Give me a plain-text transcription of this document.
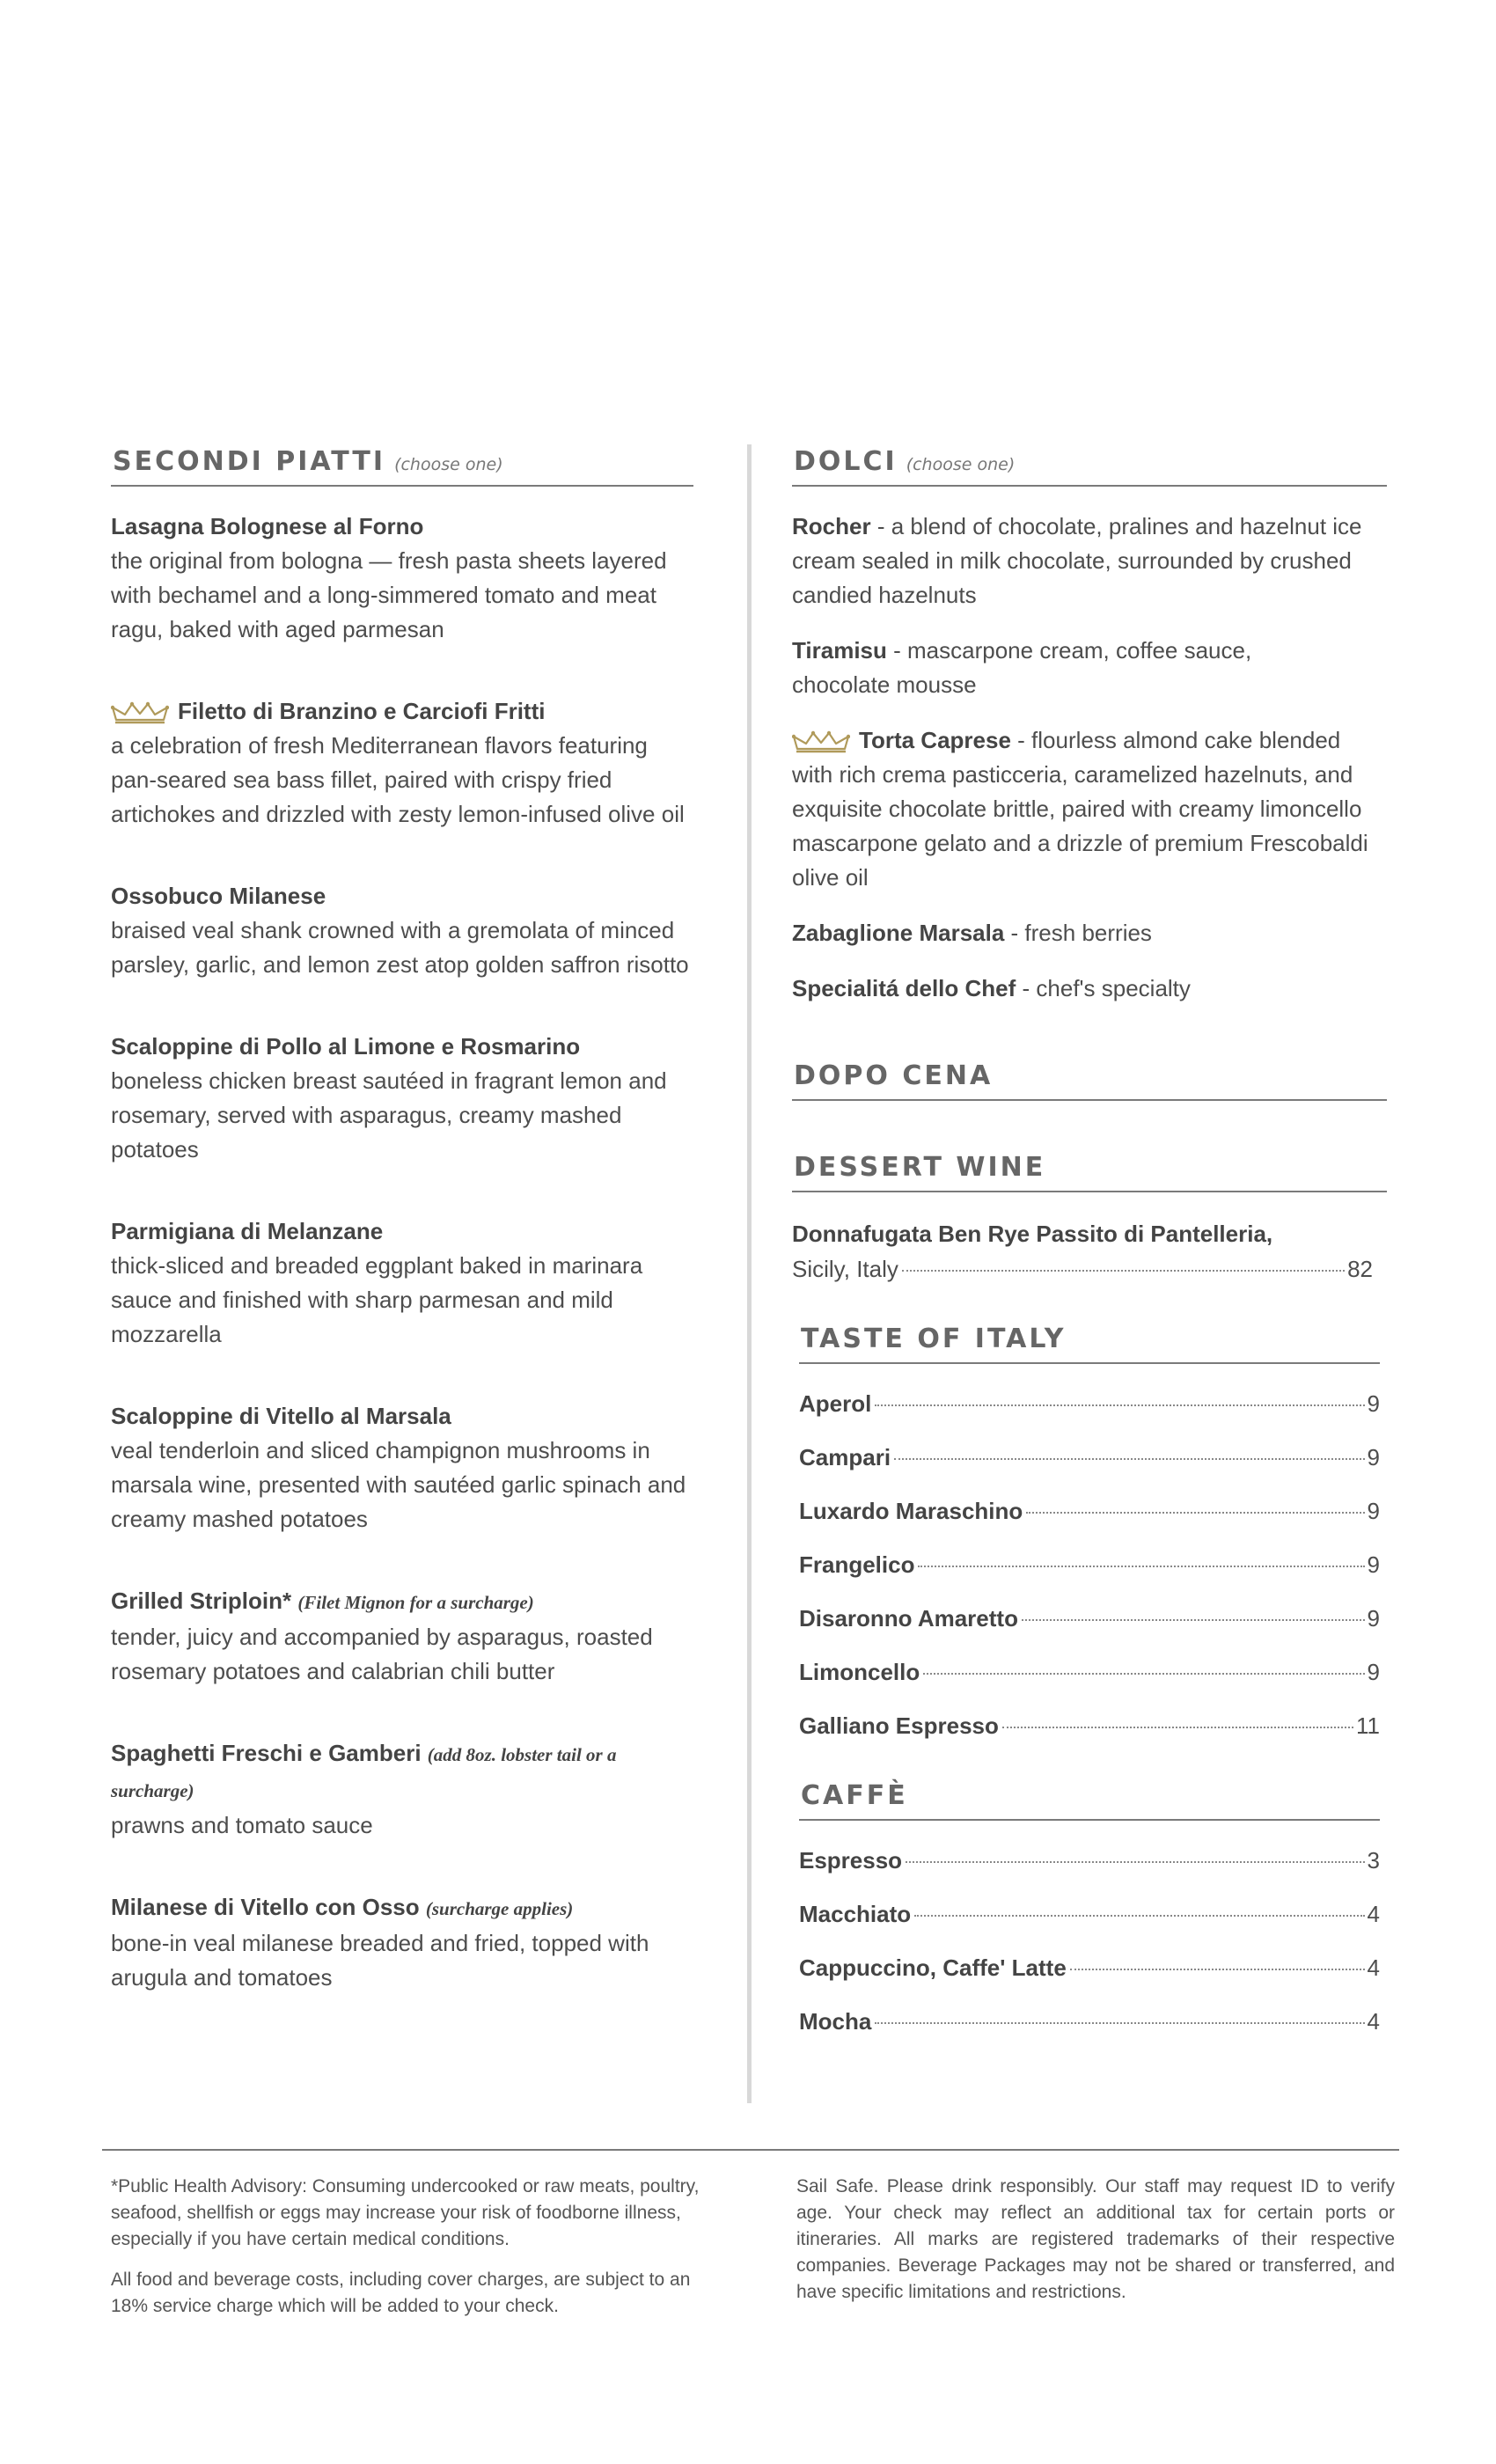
SECONDI PIATTI (choose one)
Lasagna Bolognese al Forno
the original from bologna — fresh pasta sheets layered with bechamel and a long-simmered tomato and meat ragu, baked with aged parmesan
Filetto di Branzino e Carciofi Fritti
a celebration of fresh Mediterranean flavors featuring pan-seared sea bass fillet, paired with crispy fried artichokes and drizzled with zesty lemon-infused olive oil
Ossobuco Milanese
braised veal shank crowned with a gremolata of minced parsley, garlic, and lemon zest atop golden saffron risotto
Scaloppine di Pollo al Limone e Rosmarino
boneless chicken breast sautéed in fragrant lemon and rosemary, served with asparagus, creamy mashed potatoes
Parmigiana di Melanzane
thick-sliced and breaded eggplant baked in marinara sauce and finished with sharp parmesan and mild mozzarella
Scaloppine di Vitello al Marsala
veal tenderloin and sliced champignon mushrooms in marsala wine, presented with sautéed garlic spinach and creamy mashed potatoes
Grilled Striploin* (Filet Mignon for a surcharge)
tender, juicy and accompanied by asparagus, roasted rosemary potatoes and calabrian chili butter
Spaghetti Freschi e Gamberi (add 8oz. lobster tail or a surcharge)
prawns and tomato sauce
Milanese di Vitello con Osso (surcharge applies)
bone-in veal milanese breaded and fried, topped with arugula and tomatoes
DOLCI (choose one)
Rocher - a blend of chocolate, pralines and hazelnut ice cream sealed in milk chocolate, surrounded by crushed candied hazelnuts
Tiramisu - mascarpone cream, coffee sauce, chocolate mousse
Torta Caprese - flourless almond cake blended with rich crema pasticceria, caramelized hazelnuts, and exquisite chocolate brittle, paired with creamy limoncello mascarpone gelato and a drizzle of premium Frescobaldi olive oil
Zabaglione Marsala - fresh berries
Specialitá dello Chef - chef's specialty
DOPO CENA
DESSERT WINE
Donnafugata Ben Rye Passito di Pantelleria,
Sicily, Italy	82
TASTE OF ITALY
Aperol	9
Campari	9
Luxardo Maraschino	9
Frangelico	9
Disaronno Amaretto	9
Limoncello	9
Galliano Espresso	11
CAFFÈ
Espresso	3
Macchiato	4
Cappuccino, Caffe' Latte	4
Mocha	4

*Public Health Advisory: Consuming undercooked or raw meats, poultry, seafood, shellfish or eggs may increase your risk of foodborne illness, especially if you have certain medical conditions.

All food and beverage costs, including cover charges, are subject to an 18% service charge which will be added to your check.

Sail Safe. Please drink responsibly. Our staff may request ID to verify age. Your check may reflect an additional tax for certain ports or itineraries. All marks are registered trademarks of their respective companies. Beverage Packages may not be shared or transferred, and have specific limitations and restrictions.
